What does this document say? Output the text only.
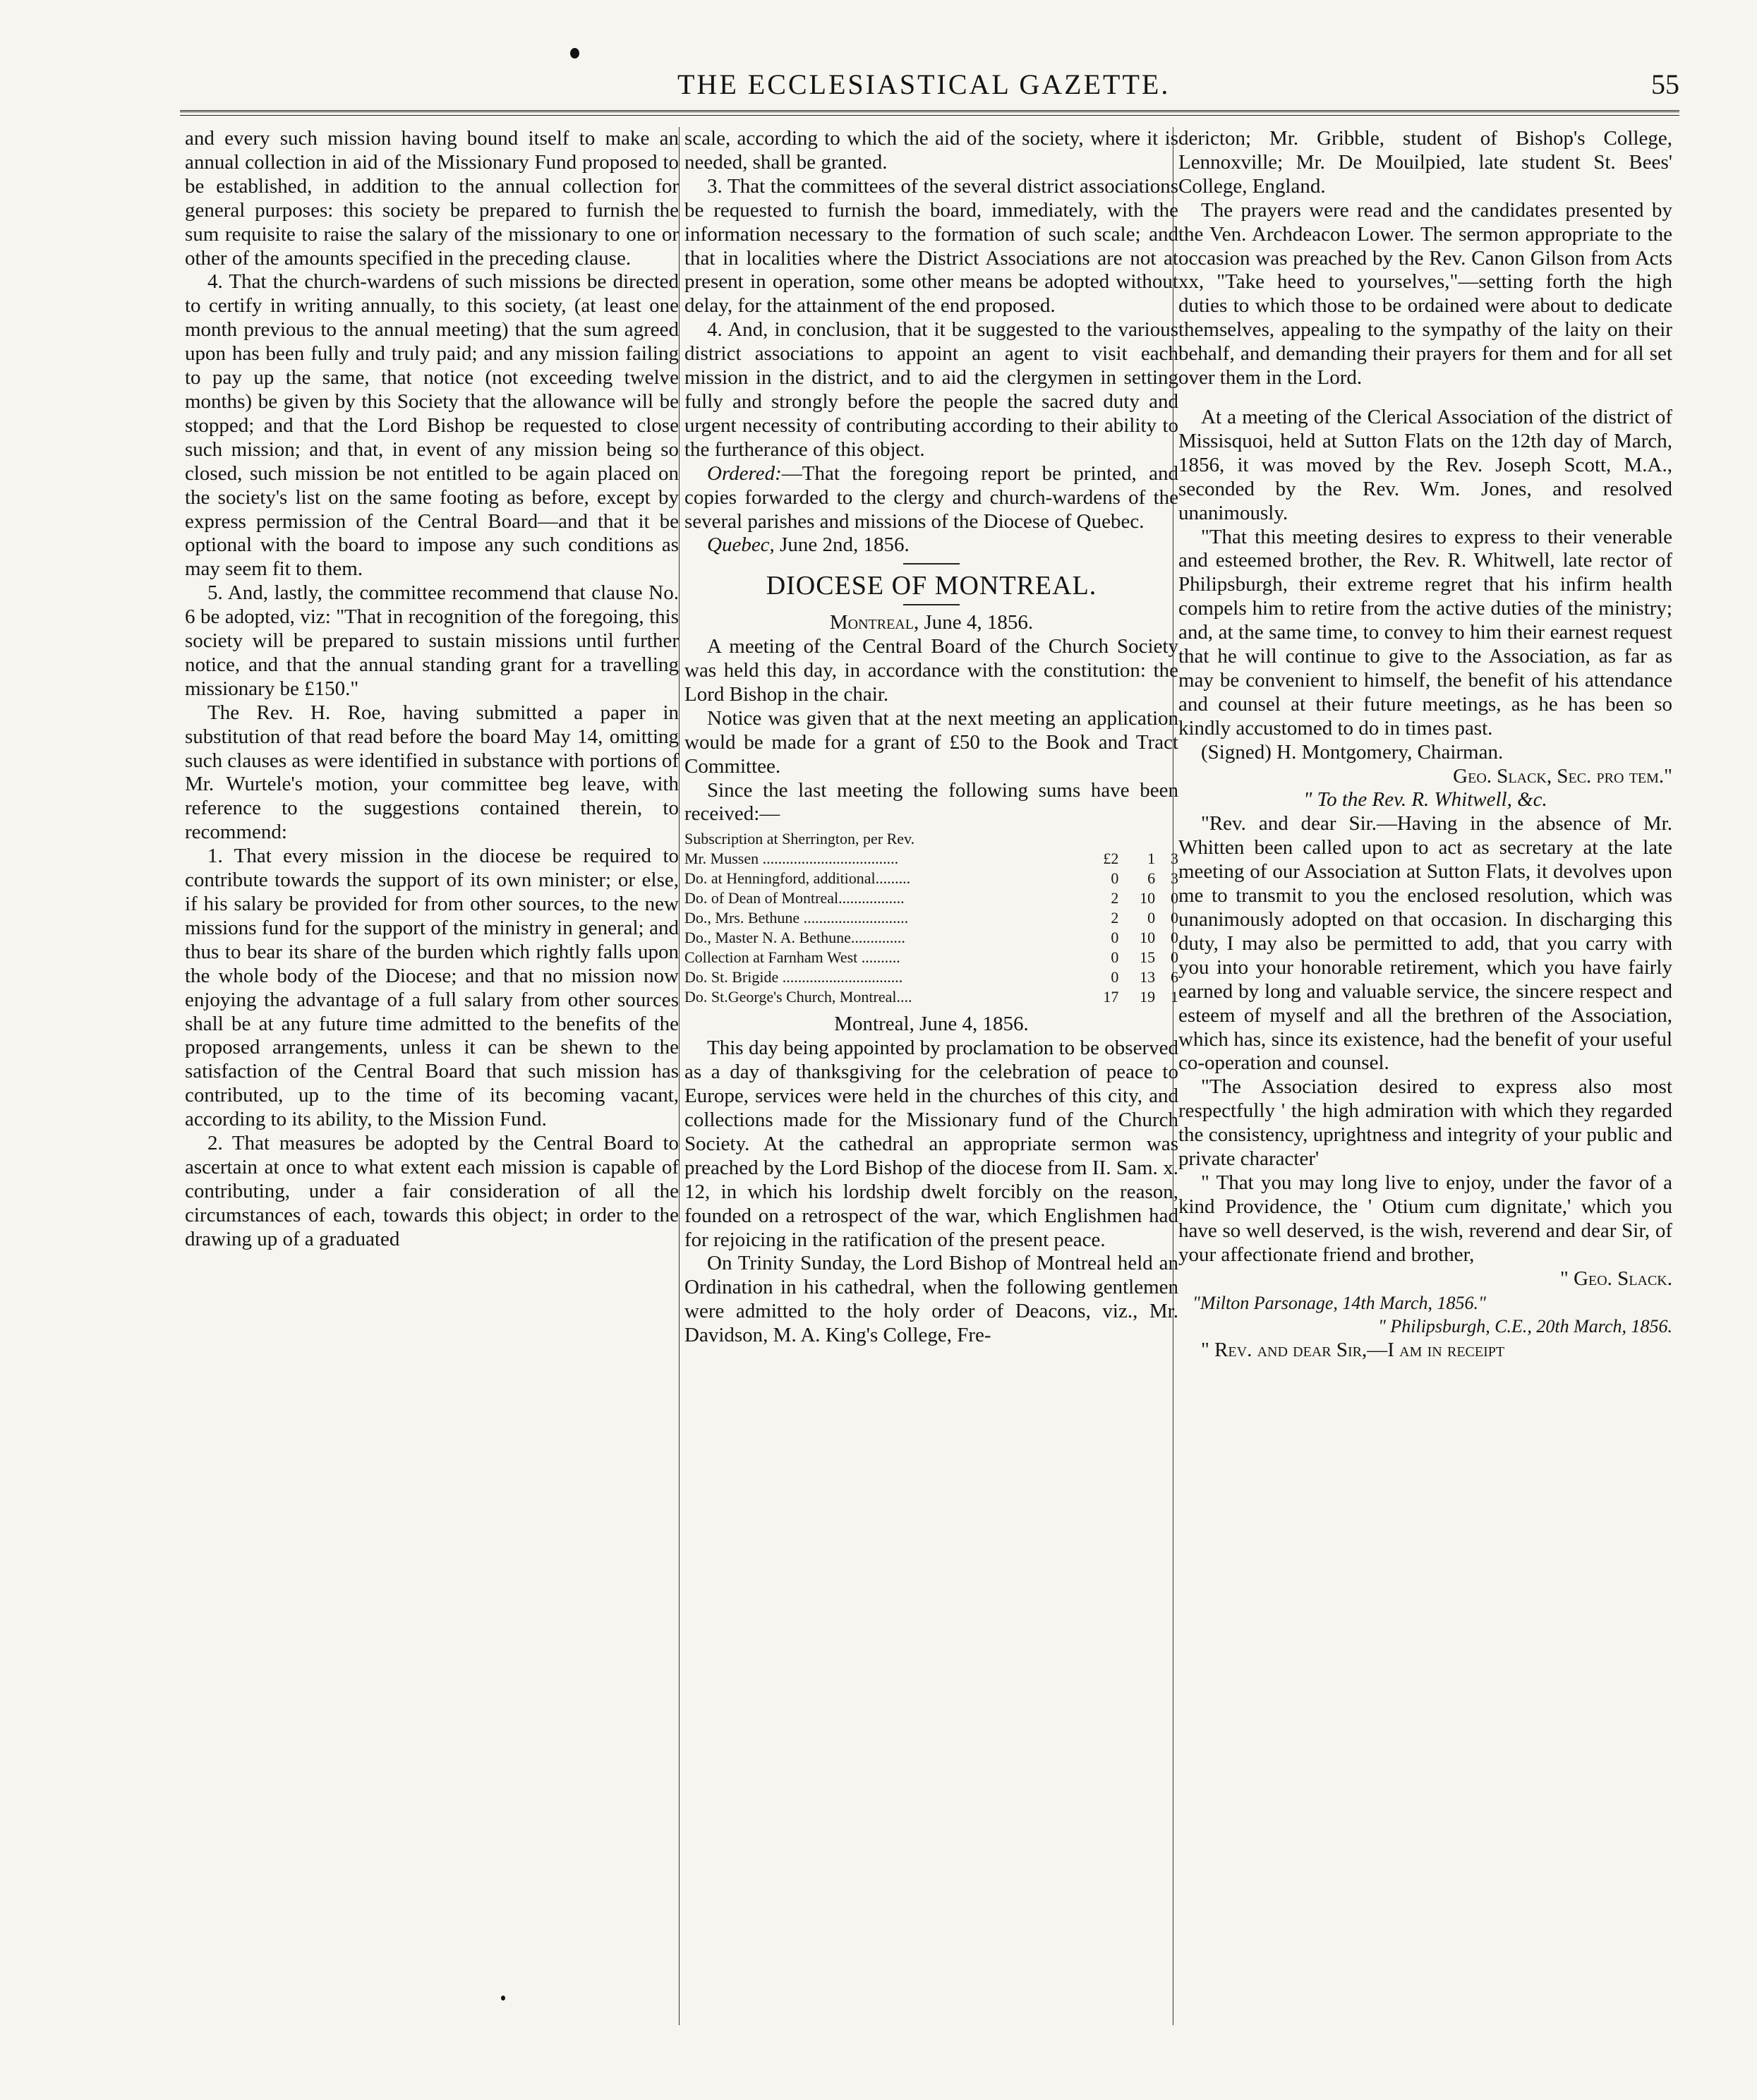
THE ECCLESIASTICAL GAZETTE.	55

and every such mission having bound itself to make an annual collection in aid of the Missionary Fund proposed to be established, in addition to the annual collection for general purposes: this society be prepared to furnish the sum requisite to raise the salary of the missionary to one or other of the amounts specified in the preceding clause.

4. That the church-wardens of such missions be directed to certify in writing annually, to this society, (at least one month previous to the annual meeting) that the sum agreed upon has been fully and truly paid; and any mission failing to pay up the same, that notice (not exceeding twelve months) be given by this Society that the allowance will be stopped; and that the Lord Bishop be requested to close such mission; and that, in event of any mission being so closed, such mission be not entitled to be again placed on the society's list on the same footing as before, except by express permission of the Central Board—and that it be optional with the board to impose any such conditions as may seem fit to them.

5. And, lastly, the committee recommend that clause No. 6 be adopted, viz: "That in recognition of the foregoing, this society will be prepared to sustain missions until further notice, and that the annual standing grant for a travelling missionary be £150."

The Rev. H. Roe, having submitted a paper in substitution of that read before the board May 14, omitting such clauses as were identified in substance with portions of Mr. Wurtele's motion, your committee beg leave, with reference to the suggestions contained therein, to recommend:

1. That every mission in the diocese be required to contribute towards the support of its own minister; or else, if his salary be provided for from other sources, to the new missions fund for the support of the ministry in general; and thus to bear its share of the burden which rightly falls upon the whole body of the Diocese; and that no mission now enjoying the advantage of a full salary from other sources shall be at any future time admitted to the benefits of the proposed arrangements, unless it can be shewn to the satisfaction of the Central Board that such mission has contributed, up to the time of its becoming vacant, according to its ability, to the Mission Fund.

2. That measures be adopted by the Central Board to ascertain at once to what extent each mission is capable of contributing, under a fair consideration of all the circumstances of each, towards this object; in order to the drawing up of a graduated

scale, according to which the aid of the society, where it is needed, shall be granted.

3. That the committees of the several district associations be requested to furnish the board, immediately, with the information necessary to the formation of such scale; and that in localities where the District Associations are not at present in operation, some other means be adopted without delay, for the attainment of the end proposed.

4. And, in conclusion, that it be suggested to the various district associations to appoint an agent to visit each mission in the district, and to aid the clergymen in setting fully and strongly before the people the sacred duty and urgent necessity of contributing according to their ability to the furtherance of this object.

Ordered:—That the foregoing report be printed, and copies forwarded to the clergy and church-wardens of the several parishes and missions of the Diocese of Quebec.

Quebec, June 2nd, 1856.

DIOCESE OF MONTREAL.

Montreal, June 4, 1856.

A meeting of the Central Board of the Church Society was held this day, in accordance with the constitution: the Lord Bishop in the chair.

Notice was given that at the next meeting an application would be made for a grant of £50 to the Book and Tract Committee.

Since the last meeting the following sums have been received:—

Subscription at Sherrington, per Rev.			
Mr. Mussen ...................................	£2	1	3
Do. at Henningford, additional.........	0	6	3
Do. of Dean of Montreal.................	2	10	0
Do., Mrs. Bethune ...........................	2	0	0
Do., Master N. A. Bethune..............	0	10	0
Collection at Farnham West ..........	0	15	0
Do. St. Brigide ...............................	0	13	6
Do. St.George's Church, Montreal....	17	19	1

Montreal, June 4, 1856.

This day being appointed by proclamation to be observed as a day of thanksgiving for the celebration of peace to Europe, services were held in the churches of this city, and collections made for the Missionary fund of the Church Society. At the cathedral an appropriate sermon was preached by the Lord Bishop of the diocese from II. Sam. x. 12, in which his lordship dwelt forcibly on the reason, founded on a retrospect of the war, which Englishmen had for rejoicing in the ratification of the present peace.

On Trinity Sunday, the Lord Bishop of Montreal held an Ordination in his cathedral, when the following gentlemen were admitted to the holy order of Deacons, viz., Mr. Davidson, M. A. King's College, Fre-

dericton; Mr. Gribble, student of Bishop's College, Lennoxville; Mr. De Mouilpied, late student St. Bees' College, England.

The prayers were read and the candidates presented by the Ven. Archdeacon Lower. The sermon appropriate to the occasion was preached by the Rev. Canon Gilson from Acts xx, "Take heed to yourselves,"—setting forth the high duties to which those to be ordained were about to dedicate themselves, appealing to the sympathy of the laity on their behalf, and demanding their prayers for them and for all set over them in the Lord.

At a meeting of the Clerical Association of the district of Missisquoi, held at Sutton Flats on the 12th day of March, 1856, it was moved by the Rev. Joseph Scott, M.A., seconded by the Rev. Wm. Jones, and resolved unanimously.

"That this meeting desires to express to their venerable and esteemed brother, the Rev. R. Whitwell, late rector of Philipsburgh, their extreme regret that his infirm health compels him to retire from the active duties of the ministry; and, at the same time, to convey to him their earnest request that he will continue to give to the Association, as far as may be convenient to himself, the benefit of his attendance and counsel at their future meetings, as he has been so kindly accustomed to do in times past.

(Signed) H. Montgomery, Chairman.

Geo. Slack, Sec. pro tem."

" To the Rev. R. Whitwell, &c.

"Rev. and dear Sir.—Having in the absence of Mr. Whitten been called upon to act as secretary at the late meeting of our Association at Sutton Flats, it devolves upon me to transmit to you the enclosed resolution, which was unanimously adopted on that occasion. In discharging this duty, I may also be permitted to add, that you carry with you into your honorable retirement, which you have fairly earned by long and valuable service, the sincere respect and esteem of myself and all the brethren of the Association, which has, since its existence, had the benefit of your useful co-operation and counsel.

"The Association desired to express also most respectfully ' the high admiration with which they regarded the consistency, uprightness and integrity of your public and private character'

" That you may long live to enjoy, under the favor of a kind Providence, the ' Otium cum dignitate,' which you have so well deserved, is the wish, reverend and dear Sir, of your affectionate friend and brother,

" Geo. Slack.

"Milton Parsonage, 14th March, 1856."

" Philipsburgh, C.E., 20th March, 1856.

" Rev. and dear Sir,—I am in receipt
